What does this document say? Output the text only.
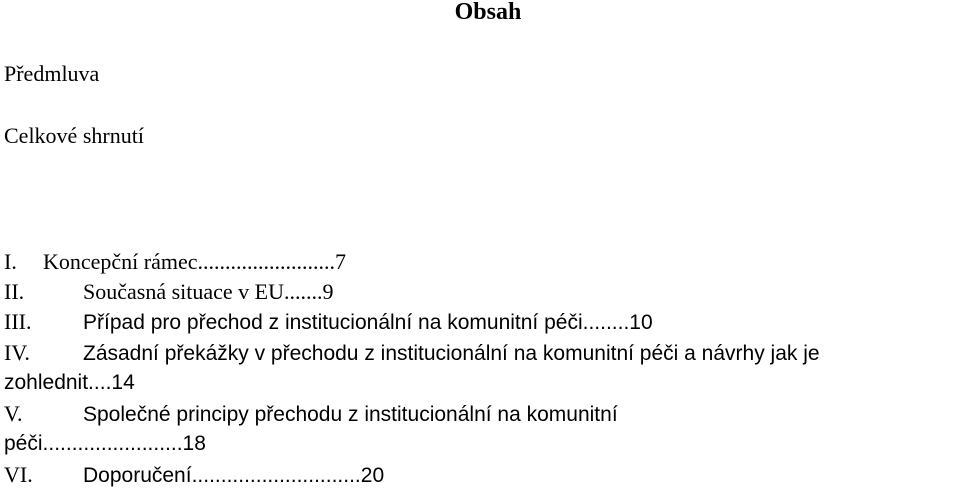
Obsah
Předmluva
Celkové shrnutí
I. Koncepční rámec.........................7
II.	Současná situace v EU.......9
III. Případ pro přechod z institucionální na komunitní péči........10
IV.	Zásadní překážky v přechodu z institucionální na komunitní péči a návrhy jak je
zohlednit....14
V.	Společné principy přechodu z institucionální na komunitní
péči........................18
VI. Doporučení.............................20
